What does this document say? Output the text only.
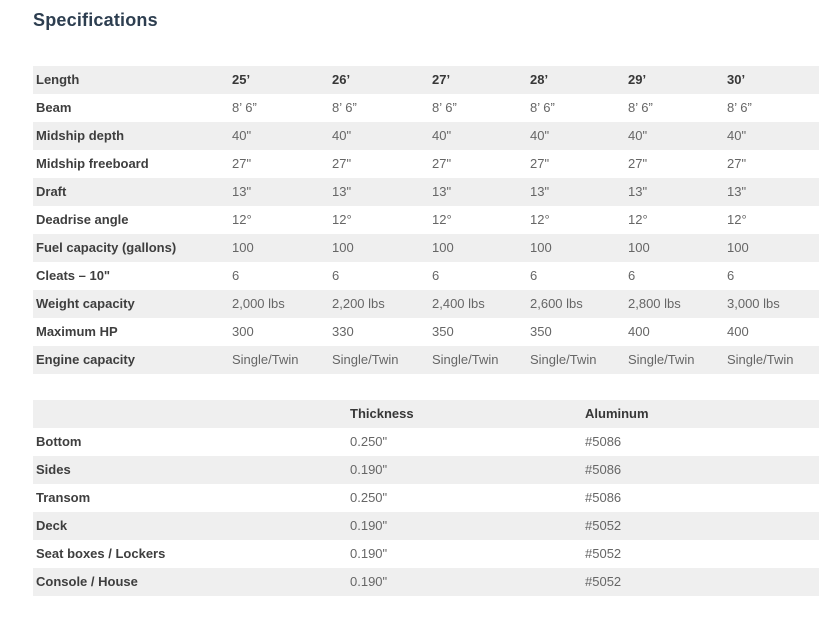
Specifications
Length	25’	26’	27’	28’	29’	30’
Beam	8’ 6”	8’ 6”	8’ 6”	8’ 6”	8’ 6”	8’ 6”
Midship depth	40"	40"	40"	40"	40"	40"
Midship freeboard	27"	27"	27"	27"	27"	27"
Draft	13"	13"	13"	13"	13"	13"
Deadrise angle	12°	12°	12°	12°	12°	12°
Fuel capacity (gallons)	100	100	100	100	100	100
Cleats – 10"	6	6	6	6	6	6
Weight capacity	2,000 lbs	2,200 lbs	2,400 lbs	2,600 lbs	2,800 lbs	3,000 lbs
Maximum HP	300	330	350	350	400	400
Engine capacity	Single/Twin	Single/Twin	Single/Twin	Single/Twin	Single/Twin	Single/Twin
	Thickness	Aluminum
Bottom	0.250"	#5086
Sides	0.190"	#5086
Transom	0.250"	#5086
Deck	0.190"	#5052
Seat boxes / Lockers	0.190"	#5052
Console / House	0.190"	#5052
